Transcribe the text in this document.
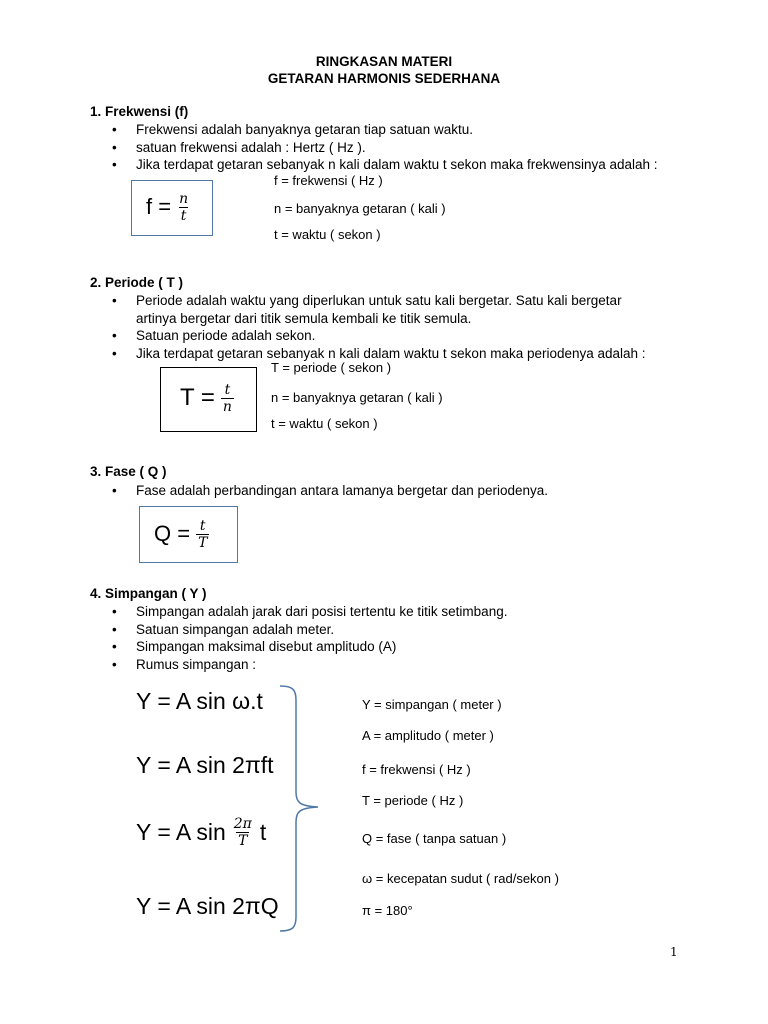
RINGKASAN MATERI
GETARAN HARMONIS SEDERHANA
1. Frekwensi (f)
• Frekwensi adalah banyaknya getaran tiap satuan waktu.
• satuan frekwensi adalah : Hertz ( Hz ).
• Jika terdapat getaran sebanyak n kali dalam waktu t sekon maka frekwensinya adalah :
$f = \frac{n}{t}$
f = frekwensi ( Hz )
n = banyaknya getaran ( kali )
t = waktu ( sekon )
2. Periode ( T )
• Periode adalah waktu yang diperlukan untuk satu kali bergetar. Satu kali bergetar
artinya bergetar dari titik semula kembali ke titik semula.
• Satuan periode adalah sekon.
• Jika terdapat getaran sebanyak n kali dalam waktu t sekon maka periodenya adalah :
$T = \frac{t}{n}$
T = periode ( sekon )
n = banyaknya getaran ( kali )
t = waktu ( sekon )
3. Fase ( Q )
• Fase adalah perbandingan antara lamanya bergetar dan periodenya.
$Q = \frac{t}{T}$
4. Simpangan ( Y )
• Simpangan adalah jarak dari posisi tertentu ke titik setimbang.
• Satuan simpangan adalah meter.
• Simpangan maksimal disebut amplitudo (A)
• Rumus simpangan :
Y = A sin ω.t
Y = A sin 2πft
Y = A $\sin \frac{2\pi}{T}$ t
Y = A sin 2πQ
Y = simpangan ( meter )
A = amplitudo ( meter )
f = frekwensi ( Hz )
T = periode ( Hz )
Q = fase ( tanpa satuan )
ω = kecepatan sudut ( rad/sekon )
π = 180°
1
